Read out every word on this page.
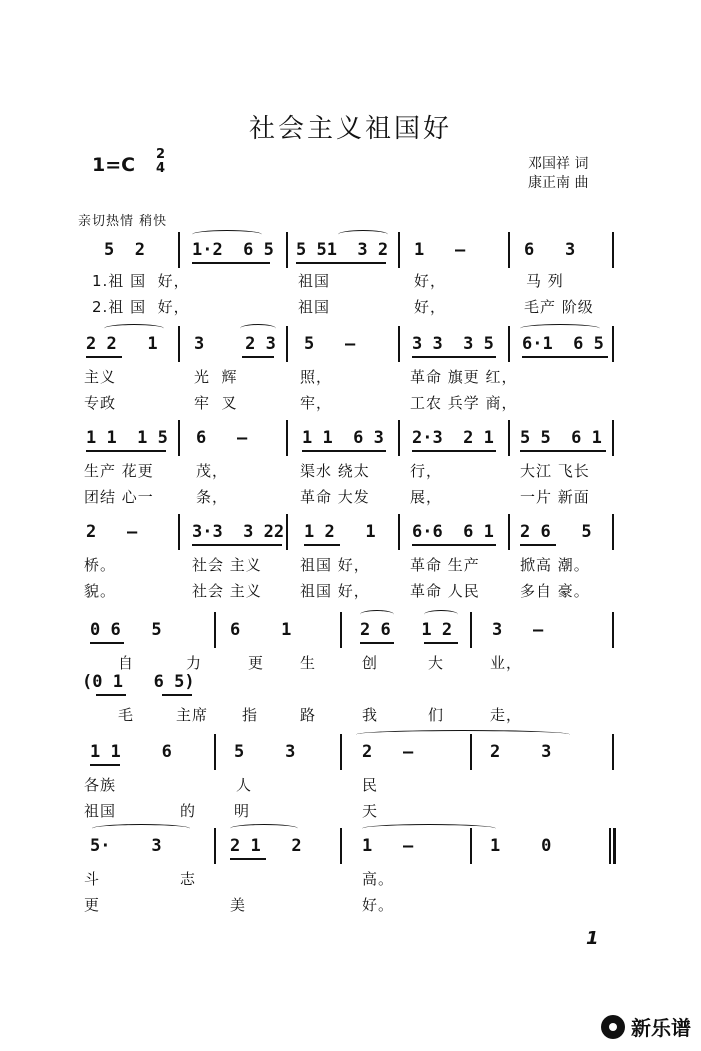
社会主义祖国好
1=C 2
4	邓国祥 词
康正南 曲
亲切热情 稍快
5  2	1·2  6 5 5 51  3 2 1   —	6   3
1.祖 国  好，	祖国	好，	马 列
2.祖 国  好，	祖国	好，	毛产 阶级
2 2   1 3    2 3 5   —	3 3  3 5 6·1  6 5
主义	光  辉	照，	革命 旗更 红，
专政	牢  叉	牢，	工农 兵学 商，
1 1  1 5 6   —	1 1  6 3 2·3  2 1 5 5  6 1
生产 花更	茂，	渠水 绕太	行，	大江 飞长
团结 心一	条，	革命 大发	展，	一片 新面
2   —	3·3  3 22 1 2   1 6·6  6 1 2 6   5
桥。	社会 主义	祖国 好，	革命 生产	掀高 潮。
貌。	社会 主义	祖国 好，	革命 人民	多自 豪。
0 6   5	6    1	2 6   1 2 3   —
自	力	更 生	创	大	业，
(0 1   6 5)
毛	主席 指	路	我	们	走，
1 1    6	5    3	2   —	2    3
各族	人	民
祖国	的	明	天
5·    3	2 1   2	1   —	1    0
斗	志	高。
更	美	好。
1
新乐谱
